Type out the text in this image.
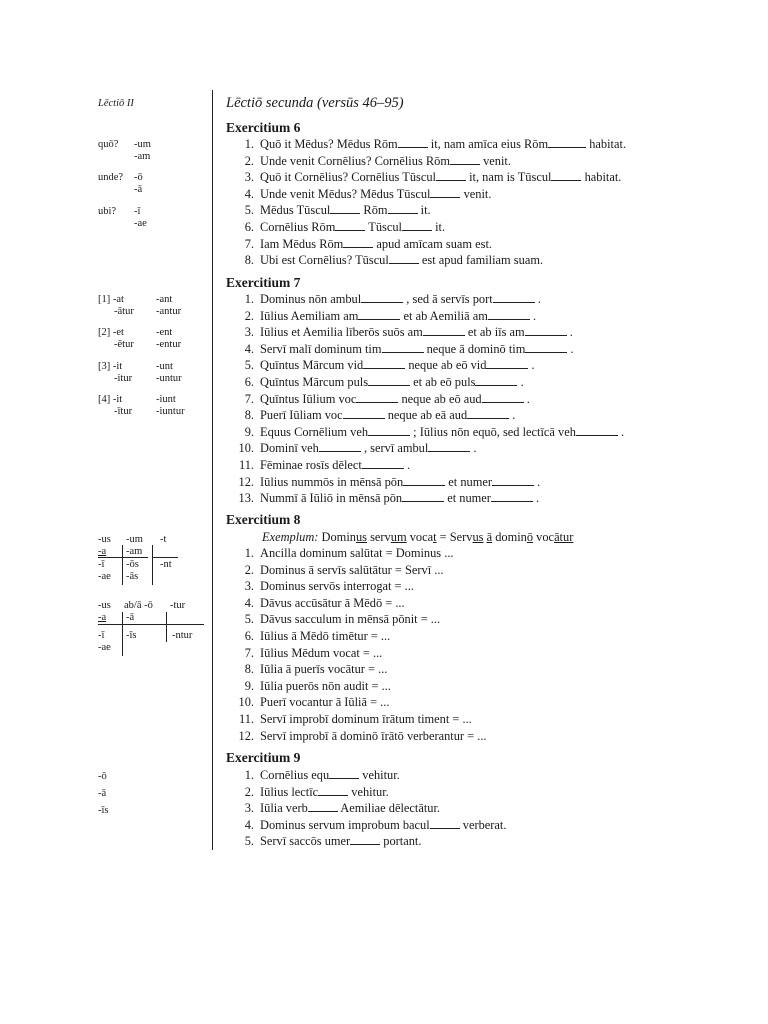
Lēctiō II	Lēctiō secunda (versūs 46–95)
Exercitium 6
1. Quō it Mēdus? Mēdus Rōm it, nam amīca eius Rōm	habitat.
2. Unde venit Cornēlius? Cornēlius Rōm venit.
3. Quō it Cornēlius? Cornēlius Tūscul it, nam is Tūscul habitat.
4. Unde venit Mēdus? Mēdus Tūscul venit.
5. Mēdus Tūscul Rōm it.
6. Cornēlius Rōm Tūscul it.
7. Iam Mēdus Rōm apud amīcam suam est.
8. Ubi est Cornēlius? Tūscul est apud familiam suam.
Exercitium 7
1. Dominus nōn ambul	, sed ā servīs port	.
2. Iūlius Aemiliam am	et ab Aemiliā am	.
3. Iūlius et Aemilia līberōs suōs am	et ab iīs am	.
4. Servī malī dominum tim	neque ā dominō tim	.
5. Quīntus Mārcum vid	neque ab eō vid	.
6. Quīntus Mārcum puls	et ab eō puls	.
7. Quīntus Iūlium voc	neque ab eō aud	.
8. Puerī Iūliam voc	neque ab eā aud	.
9. Equus Cornēlium veh	; Iūlius nōn equō, sed lectīcā veh	.
10. Dominī veh	, servī ambul	.
11. Fēminae rosīs dēlect	.
12. Iūlius nummōs in mēnsā pōn	et numer	.
13. Nummī ā Iūliō in mēnsā pōn	et numer	.
Exercitium 8
Exemplum: Dominus servum vocat = Servus ā dominō vocātur
1. Ancilla dominum salūtat = Dominus ...
2. Dominus ā servīs salūtātur = Servī ...
3. Dominus servōs interrogat = ...
4. Dāvus accūsātur ā Mēdō = ...
5. Dāvus sacculum in mēnsā pōnit = ...
6. Iūlius ā Mēdō timētur = ...
7. Iūlius Mēdum vocat = ...
8. Iūlia ā puerīs vocātur = ...
9. Iūlia puerōs nōn audit = ...
10. Puerī vocantur ā Iūliā = ...
11. Servī improbī dominum īrātum timent = ...
12. Servī improbī ā dominō īrātō verberantur = ...
Exercitium 9
1. Cornēlius equ vehitur.
2. Iūlius lectīc vehitur.
3. Iūlia verb Aemiliae dēlectātur.
4. Dominus servum improbum bacul verberat.
5. Servī saccōs umer portant.
quō? -um
-am
unde? -ō
-ā
ubi? -ī
-ae
[1] -at	-ant
-ātur -antur
[2] -et	-ent
-ētur -entur
[3] -it	-unt
-itur -untur
[4] -it	-iunt
-ītur -iuntur
-us -um -t
-a -am
-ī -ōs -nt
-ae -ās
-us ab/ā -ō -tur
-a -ā
-ī -īs	-ntur
-ae
-ō
-ā
-īs
